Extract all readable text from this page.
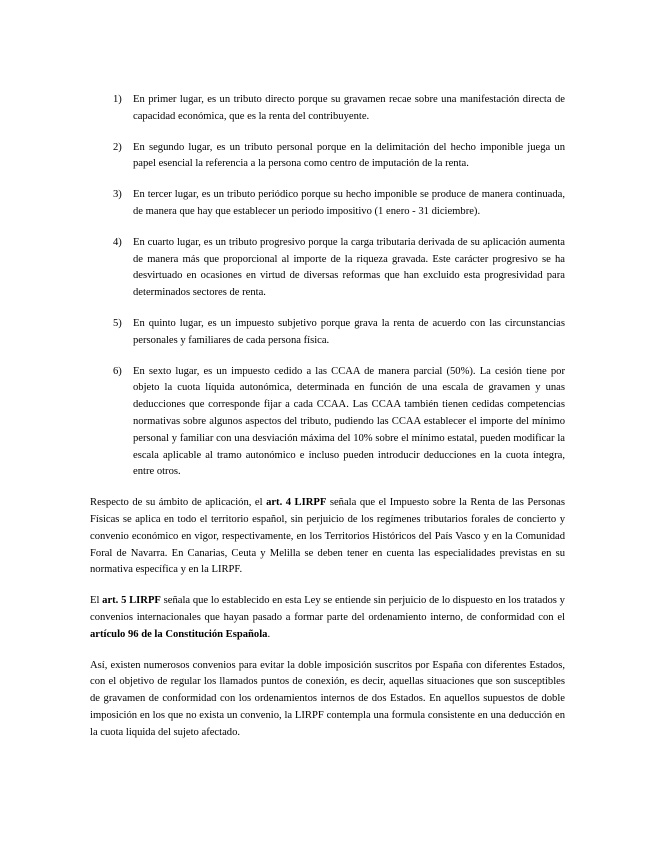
1) En primer lugar, es un tributo directo porque su gravamen recae sobre una manifestación directa de capacidad económica, que es la renta del contribuyente.
2) En segundo lugar, es un tributo personal porque en la delimitación del hecho imponible juega un papel esencial la referencia a la persona como centro de imputación de la renta.
3) En tercer lugar, es un tributo periódico porque su hecho imponible se produce de manera continuada, de manera que hay que establecer un periodo impositivo (1 enero - 31 diciembre).
4) En cuarto lugar, es un tributo progresivo porque la carga tributaria derivada de su aplicación aumenta de manera más que proporcional al importe de la riqueza gravada. Este carácter progresivo se ha desvirtuado en ocasiones en virtud de diversas reformas que han excluido esta progresividad para determinados sectores de renta.
5) En quinto lugar, es un impuesto subjetivo porque grava la renta de acuerdo con las circunstancias personales y familiares de cada persona física.
6) En sexto lugar, es un impuesto cedido a las CCAA de manera parcial (50%). La cesión tiene por objeto la cuota líquida autonómica, determinada en función de una escala de gravamen y unas deducciones que corresponde fijar a cada CCAA. Las CCAA también tienen cedidas competencias normativas sobre algunos aspectos del tributo, pudiendo las CCAA establecer el importe del mínimo personal y familiar con una desviación máxima del 10% sobre el mínimo estatal, pueden modificar la escala aplicable al tramo autonómico e incluso pueden introducir deducciones en la cuota íntegra, entre otros.

Respecto de su ámbito de aplicación, el art. 4 LIRPF señala que el Impuesto sobre la Renta de las Personas Físicas se aplica en todo el territorio español, sin perjuicio de los regímenes tributarios forales de concierto y convenio económico en vigor, respectivamente, en los Territorios Históricos del País Vasco y en la Comunidad Foral de Navarra. En Canarias, Ceuta y Melilla se deben tener en cuenta las especialidades previstas en su normativa específica y en la LIRPF.

El art. 5 LIRPF señala que lo establecido en esta Ley se entiende sin perjuicio de lo dispuesto en los tratados y convenios internacionales que hayan pasado a formar parte del ordenamiento interno, de conformidad con el artículo 96 de la Constitución Española.

Así, existen numerosos convenios para evitar la doble imposición suscritos por España con diferentes Estados, con el objetivo de regular los llamados puntos de conexión, es decir, aquellas situaciones que son susceptibles de gravamen de conformidad con los ordenamientos internos de dos Estados. En aquellos supuestos de doble imposición en los que no exista un convenio, la LIRPF contempla una formula consistente en una deducción en la cuota liquida del sujeto afectado.
